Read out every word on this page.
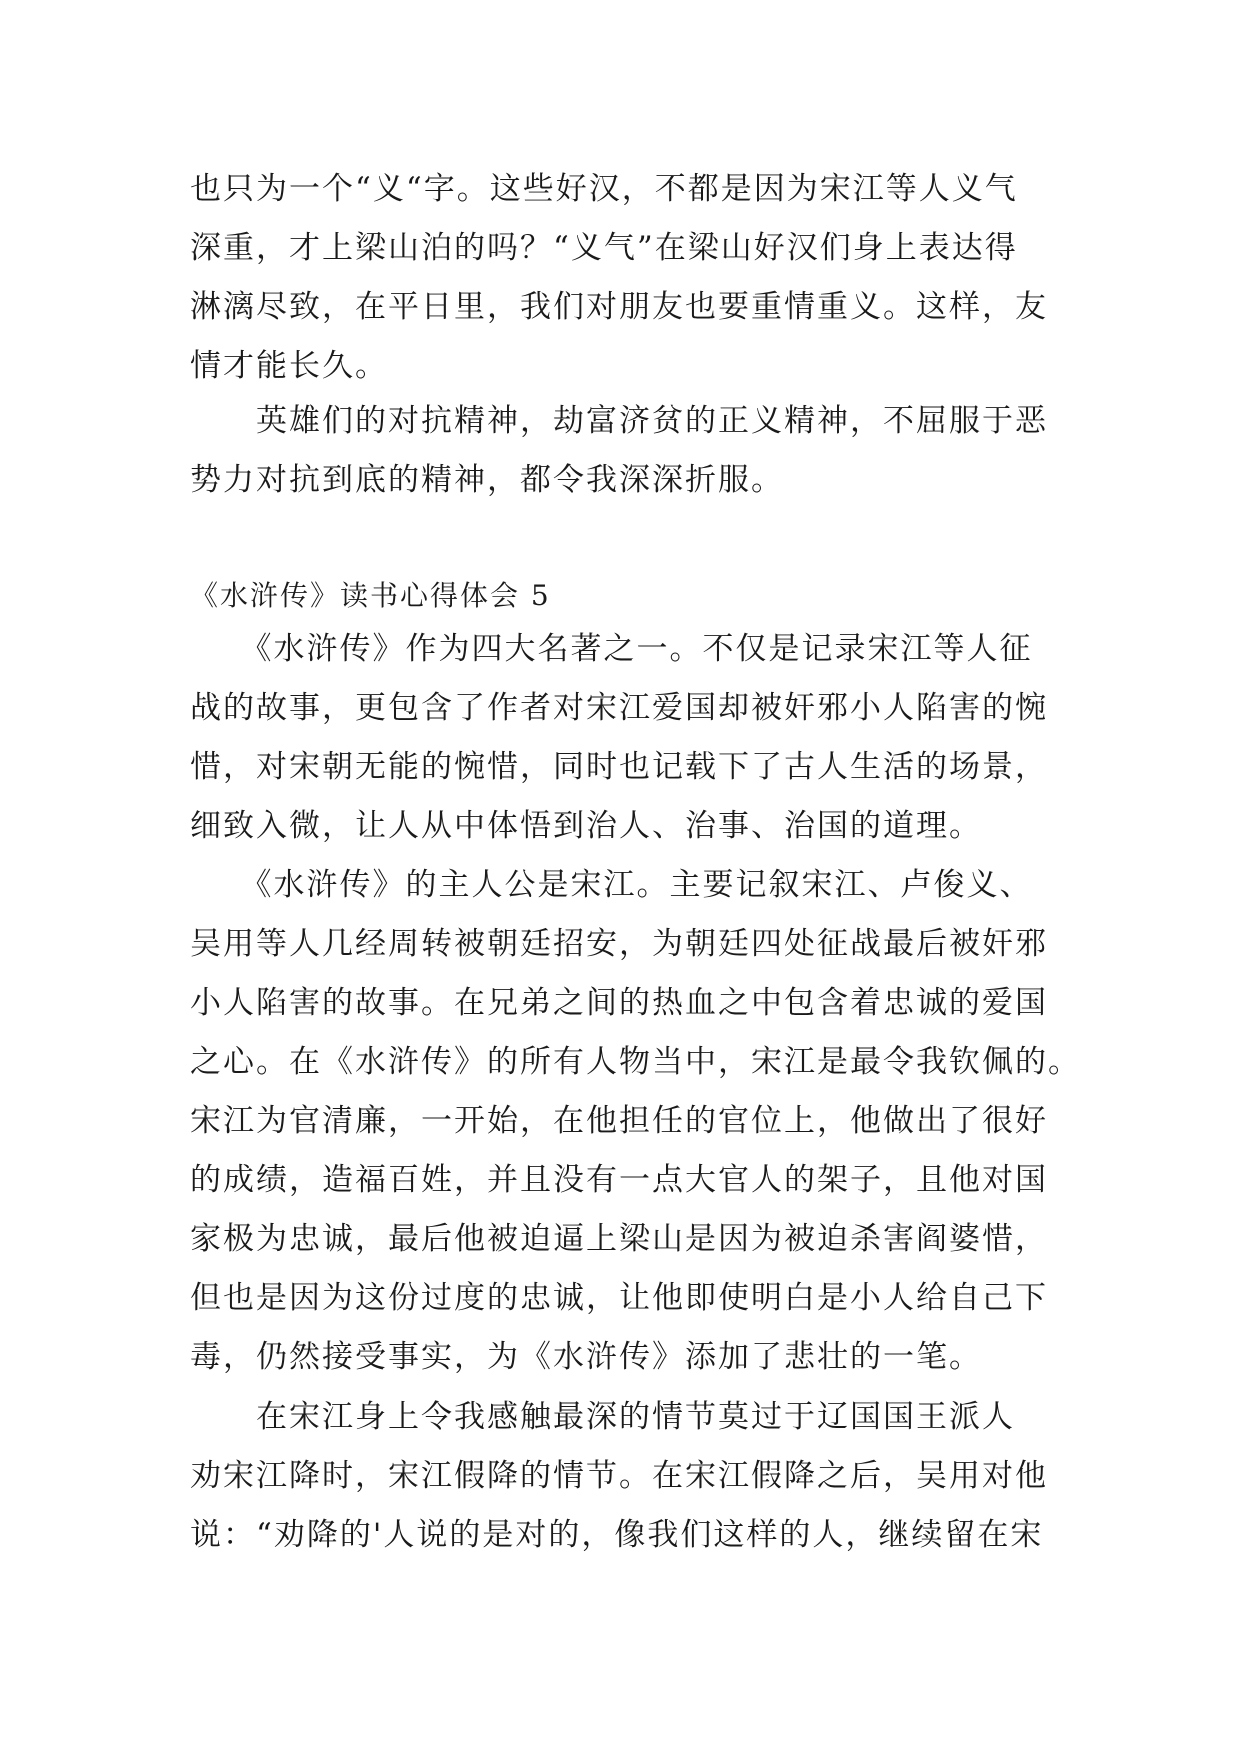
也只为一个“义“字。这些好汉，不都是因为宋江等人义气
深重，才上梁山泊的吗？“义气”在梁山好汉们身上表达得
淋漓尽致，在平日里，我们对朋友也要重情重义。这样，友
情才能长久。
　　英雄们的对抗精神，劫富济贫的正义精神，不屈服于恶
势力对抗到底的精神，都令我深深折服。
《水浒传》读书心得体会 5
　　《水浒传》作为四大名著之一。不仅是记录宋江等人征
战的故事，更包含了作者对宋江爱国却被奸邪小人陷害的惋
惜，对宋朝无能的惋惜，同时也记载下了古人生活的场景，
细致入微，让人从中体悟到治人、治事、治国的道理。
　　《水浒传》的主人公是宋江。主要记叙宋江、卢俊义、
吴用等人几经周转被朝廷招安，为朝廷四处征战最后被奸邪
小人陷害的故事。在兄弟之间的热血之中包含着忠诚的爱国
之心。在《水浒传》的所有人物当中，宋江是最令我钦佩的。
宋江为官清廉，一开始，在他担任的官位上，他做出了很好
的成绩，造福百姓，并且没有一点大官人的架子，且他对国
家极为忠诚，最后他被迫逼上梁山是因为被迫杀害阎婆惜，
但也是因为这份过度的忠诚，让他即使明白是小人给自己下
毒，仍然接受事实，为《水浒传》添加了悲壮的一笔。
　　在宋江身上令我感触最深的情节莫过于辽国国王派人
劝宋江降时，宋江假降的情节。在宋江假降之后，吴用对他
说：“劝降的'人说的是对的，像我们这样的人，继续留在宋
